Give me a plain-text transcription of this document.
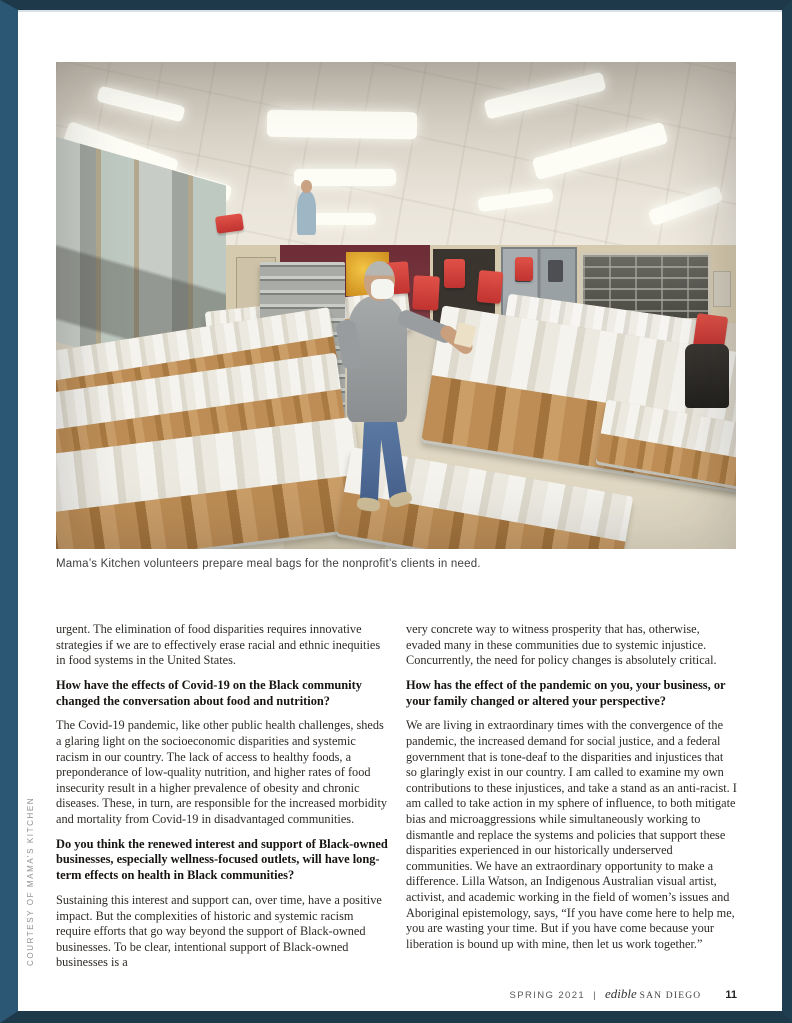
COURTESY OF MAMA’S KITCHEN
Mama’s Kitchen volunteers prepare meal bags for the nonprofit’s clients in need.

urgent. The elimination of food disparities requires innovative strategies if we are to effectively erase racial and ethnic inequities in food systems in the United States.

How have the effects of Covid-19 on the Black community changed the conversation about food and nutrition?

The Covid-19 pandemic, like other public health challenges, sheds a glaring light on the socioeconomic disparities and systemic racism in our country. The lack of access to healthy foods, a preponderance of low-quality nutrition, and higher rates of food insecurity result in a higher prevalence of obesity and chronic diseases. These, in turn, are responsible for the increased morbidity and mortality from Covid-19 in disadvantaged communities.

Do you think the renewed interest and support of Black-owned businesses, especially wellness-focused outlets, will have long-term effects on health in Black communities?

Sustaining this interest and support can, over time, have a positive impact. But the complexities of historic and systemic racism require efforts that go way beyond the support of Black-owned businesses. To be clear, intentional support of Black-owned businesses is a

very concrete way to witness prosperity that has, otherwise, evaded many in these communities due to systemic injustice. Concurrently, the need for policy changes is absolutely critical.

How has the effect of the pandemic on you, your business, or your family changed or altered your perspective?

We are living in extraordinary times with the convergence of the pandemic, the increased demand for social justice, and a federal government that is tone-deaf to the disparities and injustices that so glaringly exist in our country. I am called to examine my own contributions to these injustices, and take a stand as an anti-racist. I am called to take action in my sphere of influence, to both mitigate bias and microaggressions while simultaneously working to dismantle and replace the systems and policies that support these disparities experienced in our historically underserved communities. We have an extraordinary opportunity to make a difference. Lilla Watson, an Indigenous Australian visual artist, activist, and academic working in the field of women’s issues and Aboriginal epistemology, says, “If you have come here to help me, you are wasting your time. But if you have come because your liberation is bound up with mine, then let us work together.”

SPRING 2021 | edible SAN DIEGO 11
